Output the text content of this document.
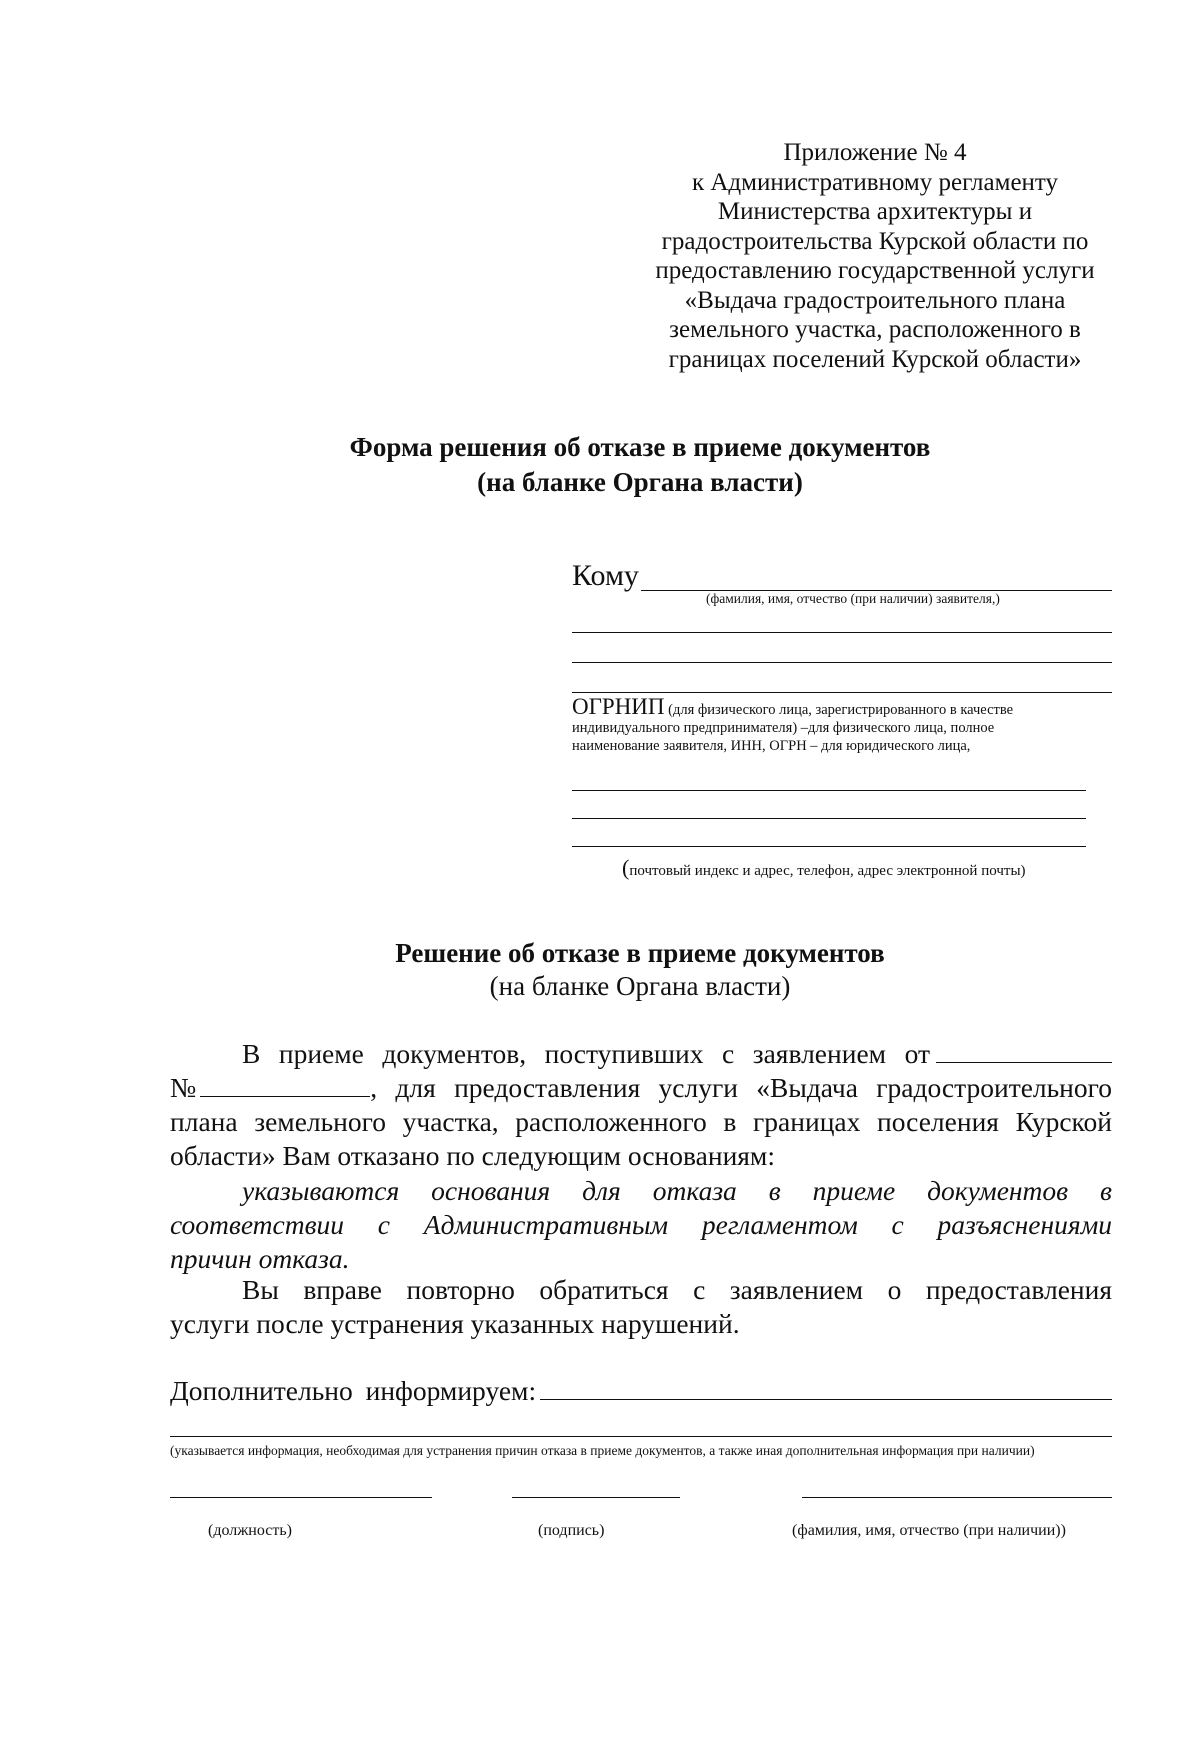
Приложение № 4
к Административному регламенту
Министерства архитектуры и
градостроительства Курской области по
предоставлению государственной услуги
«Выдача градостроительного плана
земельного участка, расположенного в
границах поселений Курской области»
Форма решения об отказе в приеме документов
(на бланке Органа власти)
Кому
(фамилия, имя, отчество (при наличии) заявителя,)
ОГРНИП (для физического лица, зарегистрированного в качестве
индивидуального предпринимателя) –для физического лица, полное
наименование заявителя, ИНН, ОГРН – для юридического лица,
(почтовый индекс и адрес, телефон, адрес электронной почты)
Решение об отказе в приеме документов
(на бланке Органа власти)
В приеме документов, поступивших с заявлением от
№	, для предоставления услуги «Выдача градостроительного
плана земельного участка, расположенного в границах поселения Курской
области» Вам отказано по следующим основаниям:
указываются основания для отказа в приеме документов в
соответствии с Административным регламентом с разъяснениями
причин отказа.
Вы вправе повторно обратиться с заявлением о предоставления
услуги после устранения указанных нарушений.
Дополнительно информируем:
(указывается информация, необходимая для устранения причин отказа в приеме документов, а также иная дополнительная информация при наличии)
(должность)	(подпись)	(фамилия, имя, отчество (при наличии))
